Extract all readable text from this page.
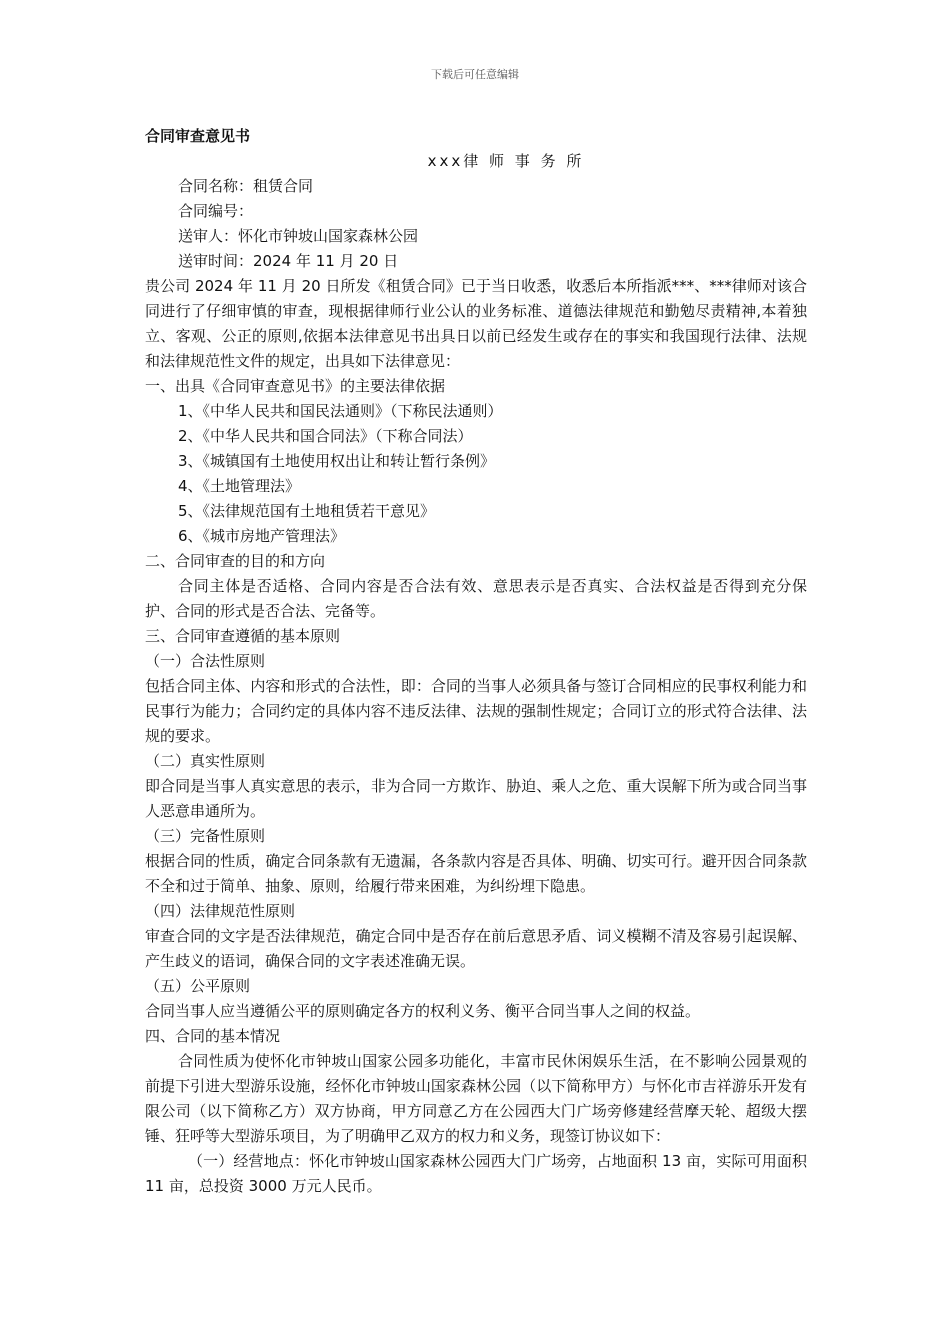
下载后可任意编辑

合同审查意见书

xxx律 师 事 务 所

合同名称：租赁合同

合同编号：

送审人：怀化市钟坡山国家森林公园

送审时间：2024 年 11 月 20 日

贵公司 2024 年 11 月 20 日所发《租赁合同》已于当日收悉，收悉后本所指派***、***律师对该合同进行了仔细审慎的审查，现根据律师行业公认的业务标准、道德法律规范和勤勉尽责精神,本着独立、客观、公正的原则,依据本法律意见书出具日以前已经发生或存在的事实和我国现行法律、法规和法律规范性文件的规定，出具如下法律意见：

一、出具《合同审查意见书》的主要法律依据

1、《中华人民共和国民法通则》（下称民法通则）

2、《中华人民共和国合同法》（下称合同法）

3、《城镇国有土地使用权出让和转让暂行条例》

4、《土地管理法》

5、《法律规范国有土地租赁若干意见》

6、《城市房地产管理法》

二、合同审查的目的和方向

合同主体是否适格、合同内容是否合法有效、意思表示是否真实、合法权益是否得到充分保护、合同的形式是否合法、完备等。

三、合同审查遵循的基本原则

（一）合法性原则

包括合同主体、内容和形式的合法性，即：合同的当事人必须具备与签订合同相应的民事权利能力和民事行为能力；合同约定的具体内容不违反法律、法规的强制性规定；合同订立的形式符合法律、法规的要求。

（二）真实性原则

即合同是当事人真实意思的表示，非为合同一方欺诈、胁迫、乘人之危、重大误解下所为或合同当事人恶意串通所为。

（三）完备性原则

根据合同的性质，确定合同条款有无遗漏，各条款内容是否具体、明确、切实可行。避开因合同条款不全和过于简单、抽象、原则，给履行带来困难，为纠纷埋下隐患。

（四）法律规范性原则

审查合同的文字是否法律规范，确定合同中是否存在前后意思矛盾、词义模糊不清及容易引起误解、产生歧义的语词，确保合同的文字表述准确无误。

（五）公平原则

合同当事人应当遵循公平的原则确定各方的权利义务、衡平合同当事人之间的权益。

四、合同的基本情况

合同性质为使怀化市钟坡山国家公园多功能化，丰富市民休闲娱乐生活，在不影响公园景观的前提下引进大型游乐设施，经怀化市钟坡山国家森林公园（以下简称甲方）与怀化市吉祥游乐开发有限公司（以下简称乙方）双方协商，甲方同意乙方在公园西大门广场旁修建经营摩天轮、超级大摆锤、狂呼等大型游乐项目，为了明确甲乙双方的权力和义务，现签订协议如下：

（一）经营地点：怀化市钟坡山国家森林公园西大门广场旁，占地面积 13 亩，实际可用面积 11 亩，总投资 3000 万元人民币。
